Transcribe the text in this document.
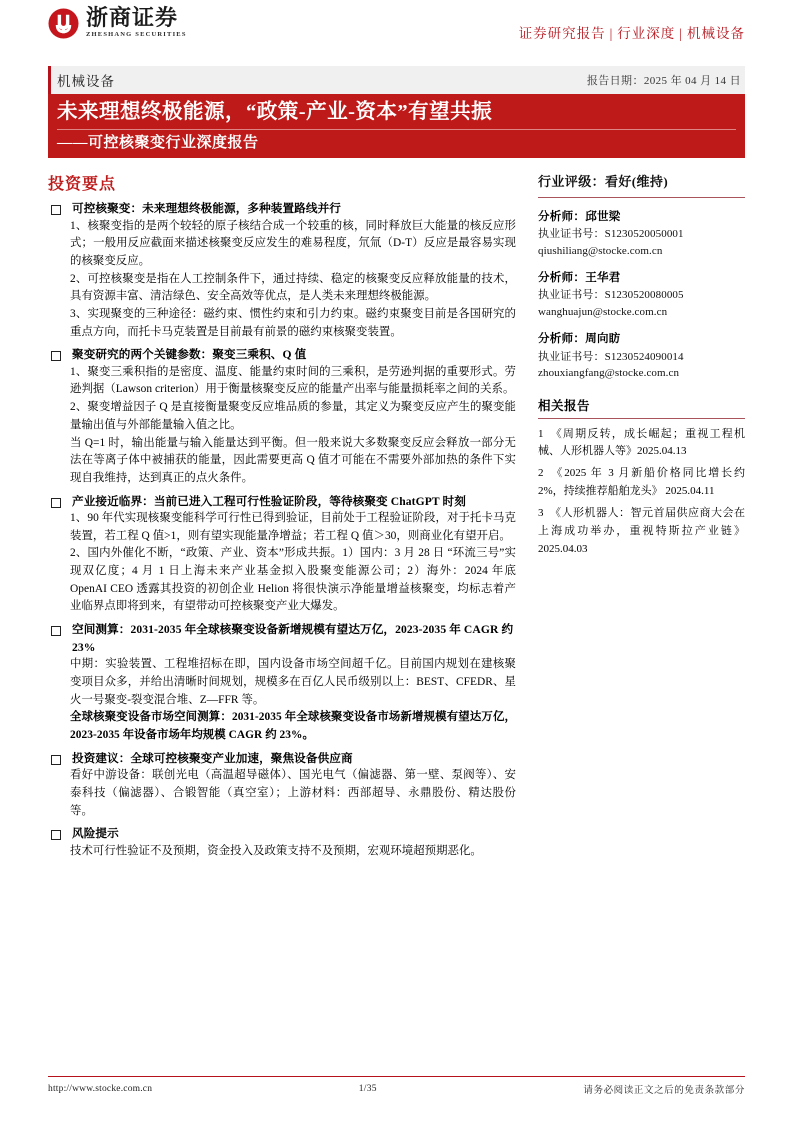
浙商证券
ZHESHANG SECURITIES	证券研究报告 | 行业深度 | 机械设备
机械设备	报告日期：2025 年 04 月 14 日
未来理想终极能源，“政策-产业-资本”有望共振
——可控核聚变行业深度报告
投资要点
可控核聚变：未来理想终极能源，多种装置路线并行
1、核聚变指的是两个较轻的原子核结合成一个较重的核，同时释放巨大能量的核反应形式；一般用反应截面来描述核聚变反应发生的难易程度，氘氚（D-T）反应是最容易实现的核聚变反应。
2、可控核聚变是指在人工控制条件下，通过持续、稳定的核聚变反应释放能量的技术，具有资源丰富、清洁绿色、安全高效等优点，是人类未来理想终极能源。
3、实现聚变的三种途径：磁约束、惯性约束和引力约束。磁约束聚变目前是各国研究的重点方向，而托卡马克装置是目前最有前景的磁约束核聚变装置。
聚变研究的两个关键参数：聚变三乘积、Q 值
1、聚变三乘积指的是密度、温度、能量约束时间的三乘积，是劳逊判据的重要形式。劳逊判据（Lawson criterion）用于衡量核聚变反应的能量产出率与能量损耗率之间的关系。
2、聚变增益因子 Q 是直接衡量聚变反应堆品质的参量，其定义为聚变反应产生的聚变能量输出值与外部能量输入值之比。
当 Q=1 时，输出能量与输入能量达到平衡。但一般来说大多数聚变反应会释放一部分无法在等离子体中被捕获的能量，因此需要更高 Q 值才可能在不需要外部加热的条件下实现自我维持，达到真正的点火条件。
产业接近临界：当前已进入工程可行性验证阶段，等待核聚变 ChatGPT 时刻
1、90 年代实现核聚变能科学可行性已得到验证，目前处于工程验证阶段，对于托卡马克装置，若工程 Q 值>1，则有望实现能量净增益；若工程 Q 值＞30，则商业化有望开启。
2、国内外催化不断，“政策、产业、资本”形成共振。1）国内：3 月 28 日 “环流三号”实现双亿度；4 月 1 日上海未来产业基金拟入股聚变能源公司；2）海外：2024 年底 OpenAI CEO 透露其投资的初创企业 Helion 将很快演示净能量增益核聚变，均标志着产业临界点即将到来，有望带动可控核聚变产业大爆发。
空间测算：2031-2035 年全球核聚变设备新增规模有望达万亿，2023-2035 年 CAGR 约 23%
中期：实验装置、工程堆招标在即，国内设备市场空间超千亿。目前国内规划在建核聚变项目众多，并给出清晰时间规划，规模多在百亿人民币级别以上：BEST、CFEDR、星火一号聚变-裂变混合堆、Z—FFR 等。
全球核聚变设备市场空间测算：2031-2035 年全球核聚变设备市场新增规模有望达万亿，2023-2035 年设备市场年均规模 CAGR 约 23%。
投资建议：全球可控核聚变产业加速，聚焦设备供应商
看好中游设备：联创光电（高温超导磁体）、国光电气（偏滤器、第一壁、泵阀等）、安泰科技（偏滤器）、合锻智能（真空室）；上游材料：西部超导、永鼎股份、精达股份等。
风险提示
技术可行性验证不及预期，资金投入及政策支持不及预期，宏观环境超预期恶化。
行业评级：看好(维持)
分析师：邱世梁
执业证书号：S1230520050001
qiushiliang@stocke.com.cn
分析师：王华君
执业证书号：S1230520080005
wanghuajun@stocke.com.cn
分析师：周向眆
执业证书号：S1230524090014
zhouxiangfang@stocke.com.cn
相关报告
1 《周期反转，成长崛起；重视工程机械、人形机器人等》2025.04.13
2 《2025 年 3 月新船价格同比增长约 2%，持续推荐船舶龙头》 2025.04.11
3 《人形机器人：智元首届供应商大会在上海成功举办，重视特斯拉产业链》 2025.04.03
http://www.stocke.com.cn	1/35	请务必阅读正文之后的免责条款部分
